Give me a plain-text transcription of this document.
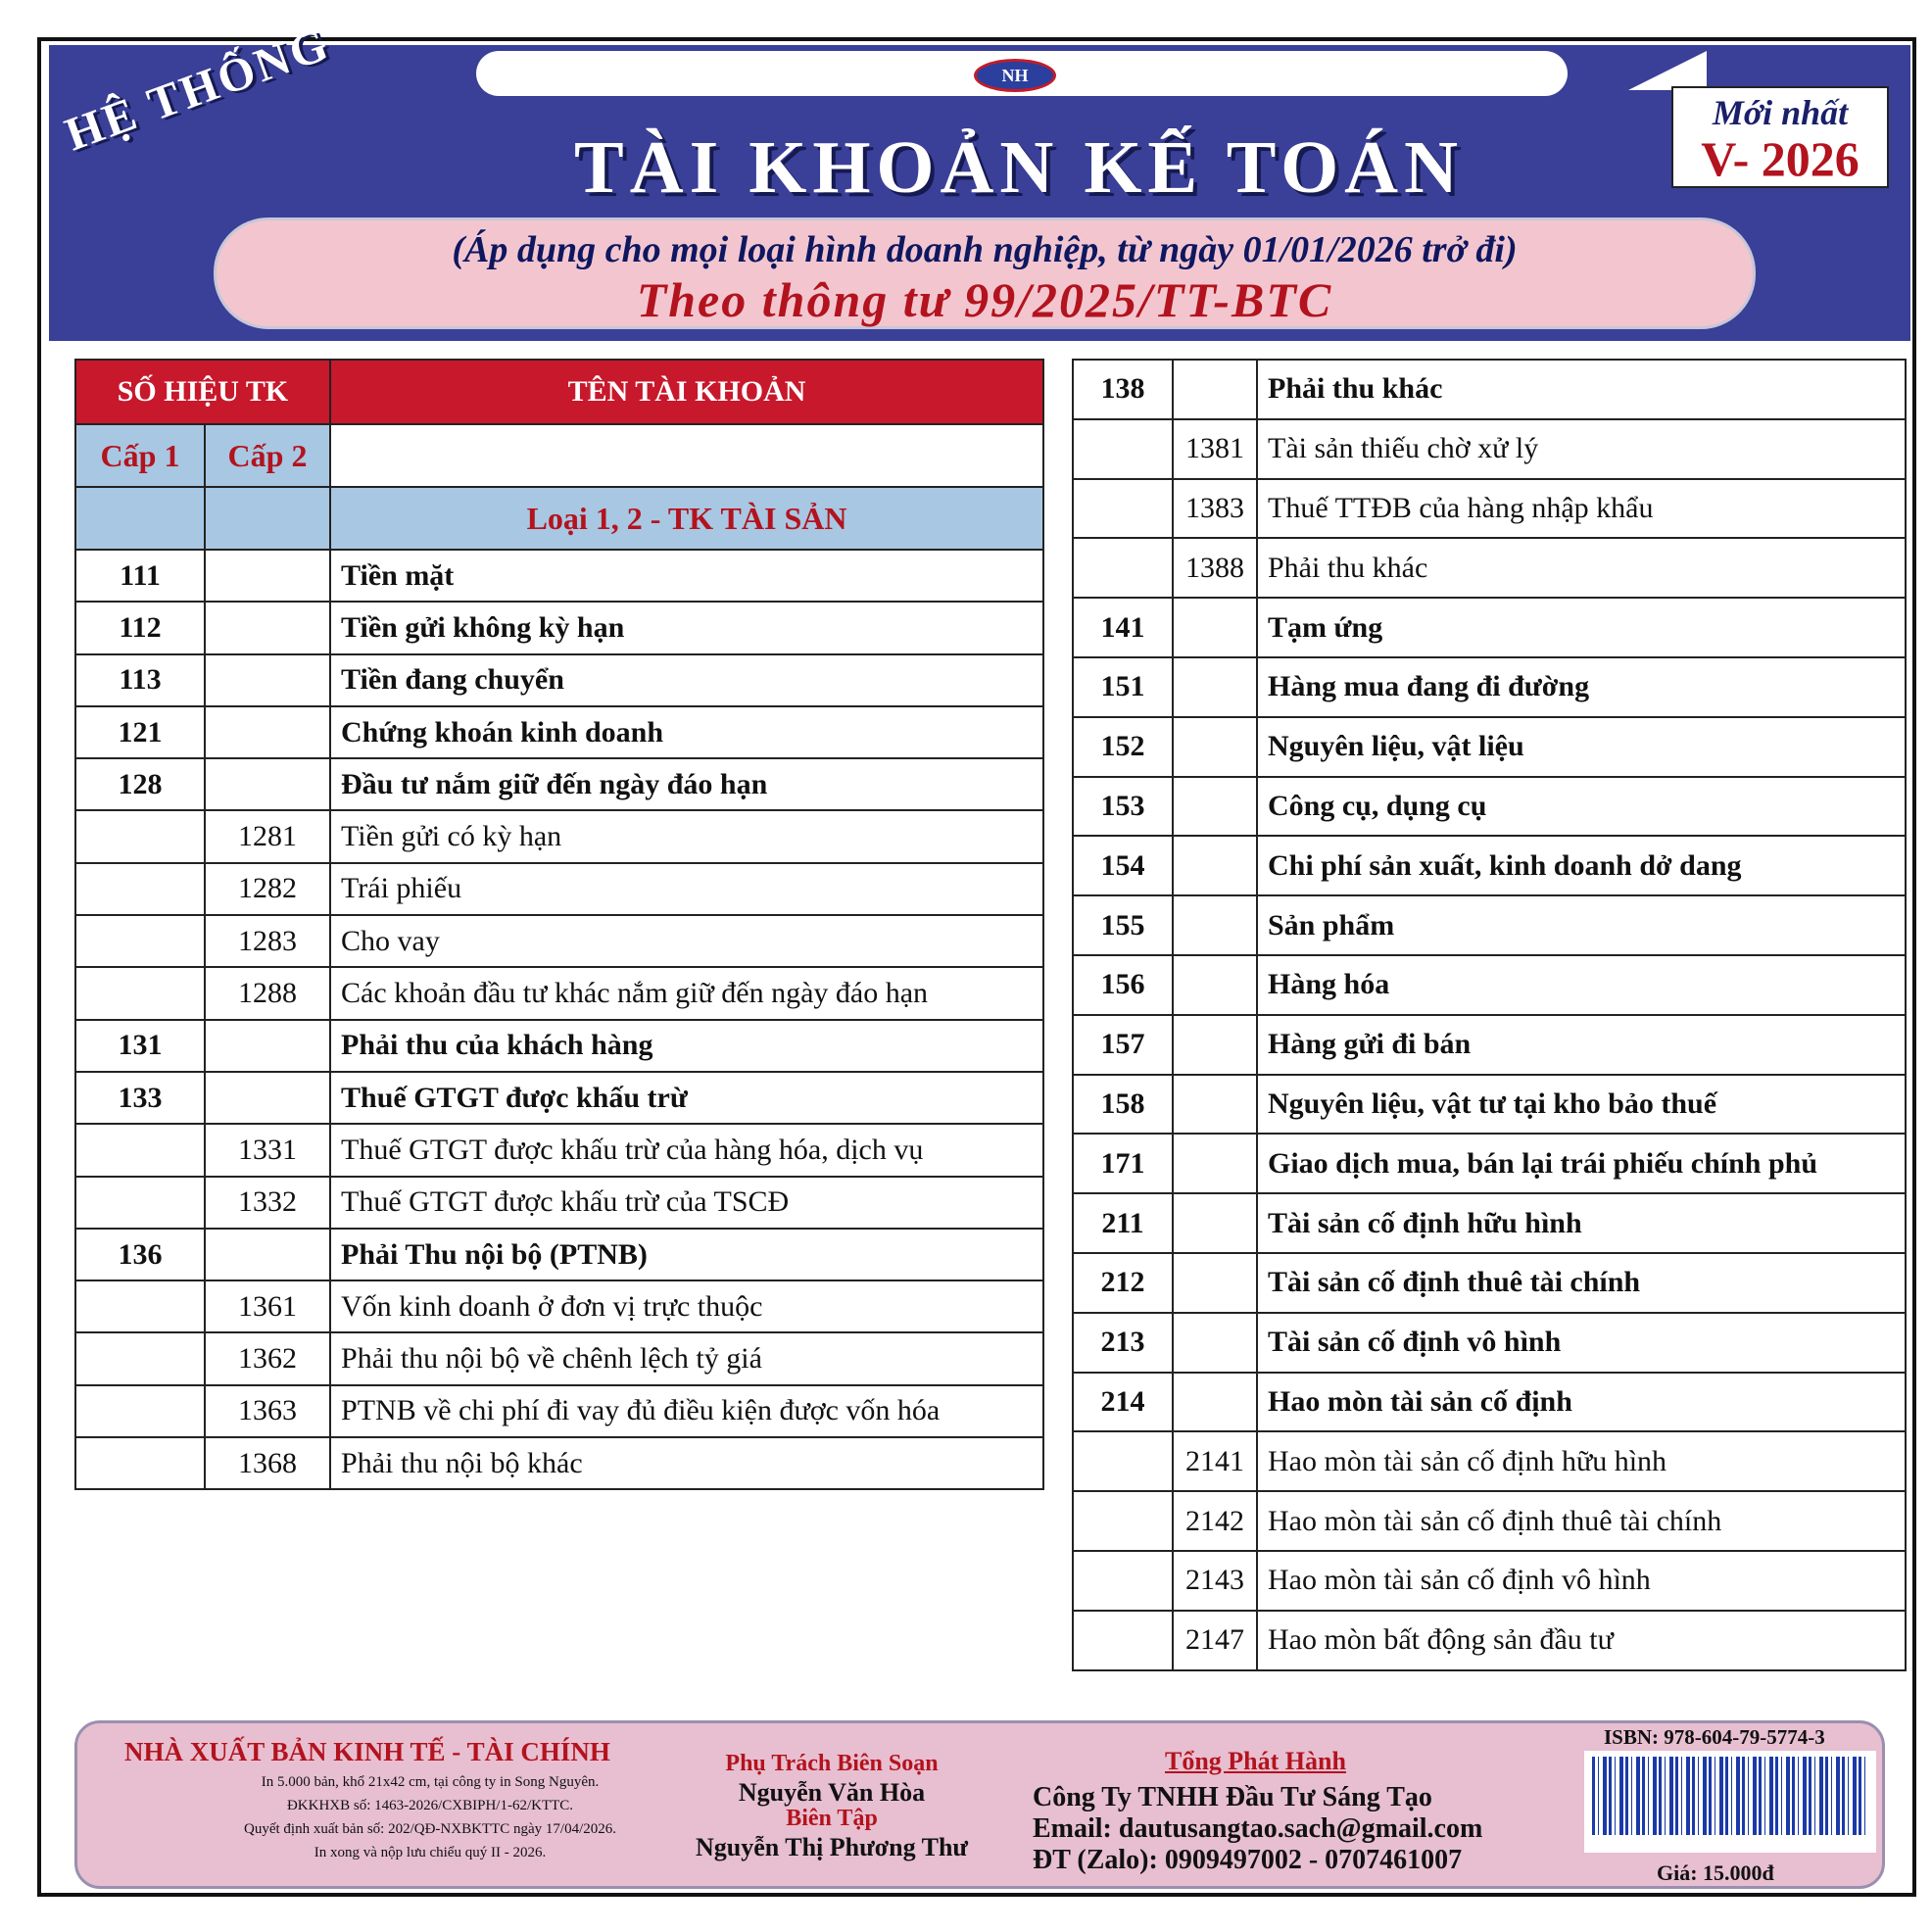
NH
HỆ THỐNG
TÀI KHOẢN KẾ TOÁN
Mới nhất
V- 2026
(Áp dụng cho mọi loại hình doanh nghiệp, từ ngày 01/01/2026 trở đi)
Theo thông tư 99/2025/TT-BTC
SỐ HIỆU TK		TÊN TÀI KHOẢN
Cấp 1	Cấp 2	
		Loại 1, 2 - TK TÀI SẢN
111		Tiền mặt
112		Tiền gửi không kỳ hạn
113		Tiền đang chuyển
121		Chứng khoán kinh doanh
128		Đầu tư nắm giữ đến ngày đáo hạn
	1281	Tiền gửi có kỳ hạn
	1282	Trái phiếu
	1283	Cho vay
	1288	Các khoản đầu tư khác nắm giữ đến ngày đáo hạn
131		Phải thu của khách hàng
133		Thuế GTGT được khấu trừ
	1331	Thuế GTGT được khấu trừ của hàng hóa, dịch vụ
	1332	Thuế GTGT được khấu trừ của TSCĐ
136		Phải Thu nội bộ (PTNB)
	1361	Vốn kinh doanh ở đơn vị trực thuộc
	1362	Phải thu nội bộ về chênh lệch tỷ giá
	1363	PTNB về chi phí đi vay đủ điều kiện được vốn hóa
	1368	Phải thu nội bộ khác
138		Phải thu khác
	1381	Tài sản thiếu chờ xử lý
	1383	Thuế TTĐB của hàng nhập khẩu
	1388	Phải thu khác
141		Tạm ứng
151		Hàng mua đang đi đường
152		Nguyên liệu, vật liệu
153		Công cụ, dụng cụ
154		Chi phí sản xuất, kinh doanh dở dang
155		Sản phẩm
156		Hàng hóa
157		Hàng gửi đi bán
158		Nguyên liệu, vật tư tại kho bảo thuế
171		Giao dịch mua, bán lại trái phiếu chính phủ
211		Tài sản cố định hữu hình
212		Tài sản cố định thuê tài chính
213		Tài sản cố định vô hình
214		Hao mòn tài sản cố định
	2141	Hao mòn tài sản cố định hữu hình
	2142	Hao mòn tài sản cố định thuê tài chính
	2143	Hao mòn tài sản cố định vô hình
	2147	Hao mòn bất động sản đầu tư
NHÀ XUẤT BẢN KINH TẾ - TÀI CHÍNH
In 5.000 bản, khổ 21x42 cm, tại công ty in Song Nguyên.
ĐKKHXB số: 1463-2026/CXBIPH/1-62/KTTC.
Quyết định xuất bản số: 202/QĐ-NXBKTTC ngày 17/04/2026.
In xong và nộp lưu chiểu quý II - 2026.
Phụ Trách Biên Soạn
Nguyễn Văn Hòa
Biên Tập
Nguyễn Thị Phương Thư
Tổng Phát Hành
Công Ty TNHH Đầu Tư Sáng Tạo
Email: dautusangtao.sach@gmail.com
ĐT (Zalo): 0909497002 - 0707461007
ISBN: 978-604-79-5774-3
Giá: 15.000đ
